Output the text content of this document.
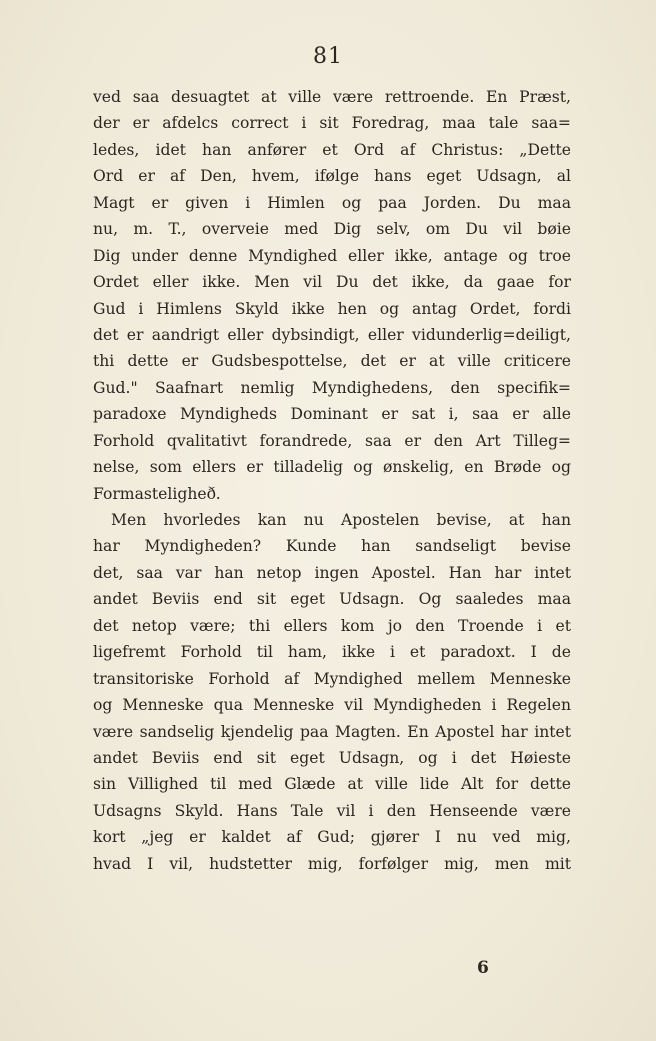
81
ved saa desuagtet at ville være rettroende. En Præst,
der er afdelcs correct i sit Foredrag, maa tale saa=
ledes, idet han anfører et Ord af Christus: „Dette
Ord er af Den, hvem, ifølge hans eget Udsagn, al
Magt er given i Himlen og paa Jorden. Du maa
nu, m. T., overveie med Dig selv, om Du vil bøie
Dig under denne Myndighed eller ikke, antage og troe
Ordet eller ikke. Men vil Du det ikke, da gaae for
Gud i Himlens Skyld ikke hen og antag Ordet, fordi
det er aandrigt eller dybsindigt, eller vidunderlig=deiligt,
thi dette er Gudsbespottelse, det er at ville criticere
Gud." Saafnart nemlig Myndighedens, den specifik=
paradoxe Myndigheds Dominant er sat i, saa er alle
Forhold qvalitativt forandrede, saa er den Art Tilleg=
nelse, som ellers er tilladelig og ønskelig, en Brøde og
Formasteligheð.
Men hvorledes kan nu Apostelen bevise, at han
har Myndigheden? Kunde han sandseligt bevise
det, saa var han netop ingen Apostel. Han har intet
andet Beviis end sit eget Udsagn. Og saaledes maa
det netop være; thi ellers kom jo den Troende i et
ligefremt Forhold til ham, ikke i et paradoxt. I de
transitoriske Forhold af Myndighed mellem Menneske
og Menneske qua Menneske vil Myndigheden i Regelen
være sandselig kjendelig paa Magten. En Apostel har intet
andet Beviis end sit eget Udsagn, og i det Høieste
sin Villighed til med Glæde at ville lide Alt for dette
Udsagns Skyld. Hans Tale vil i den Henseende være
kort „jeg er kaldet af Gud; gjører I nu ved mig,
hvad I vil, hudstetter mig, forfølger mig, men mit
6
